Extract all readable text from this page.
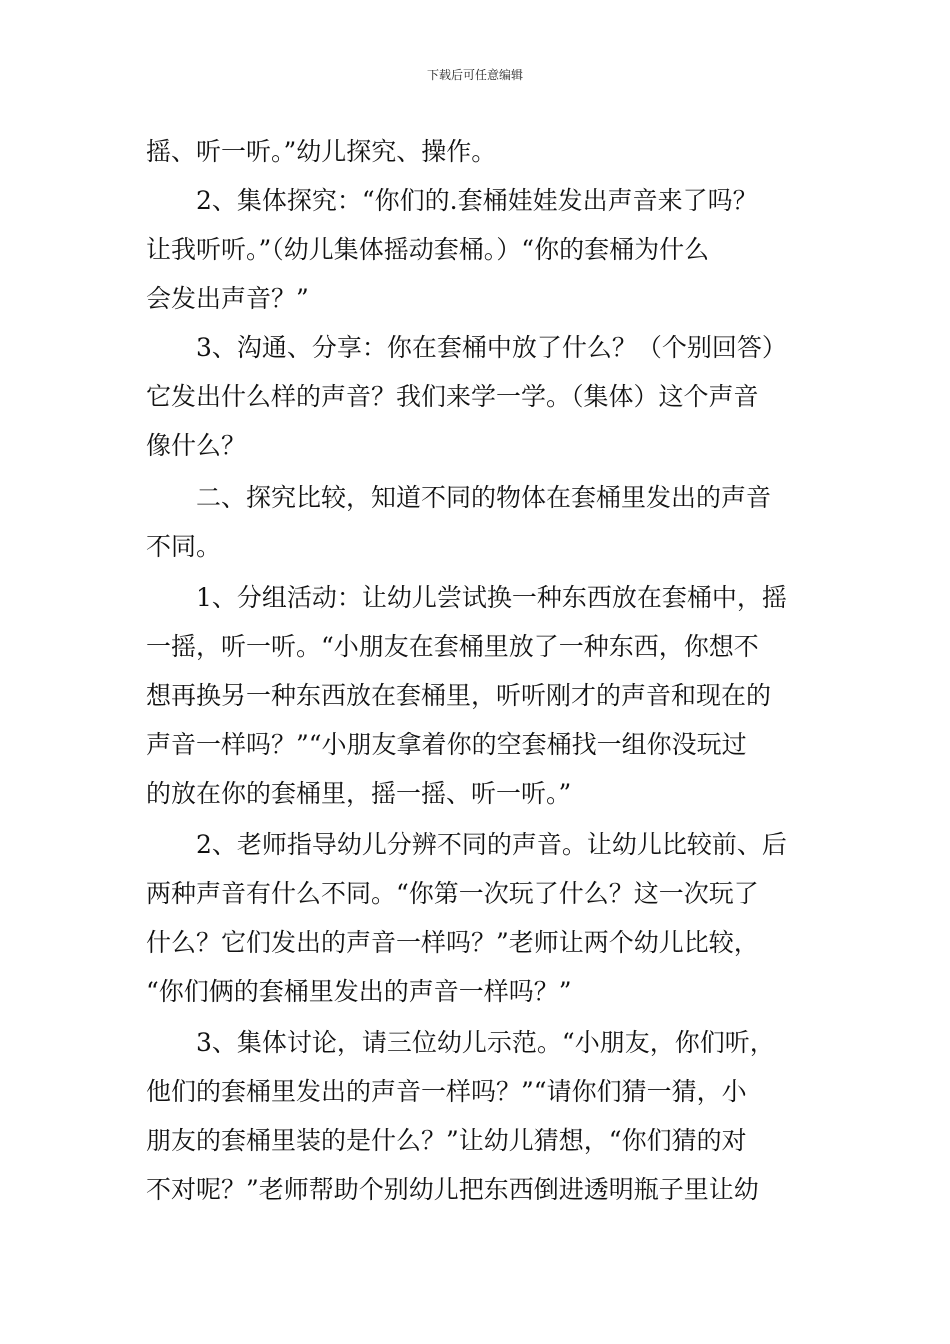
下载后可任意编辑
摇、听一听。”幼儿探究、操作。
2、集体探究：“你们的.套桶娃娃发出声音来了吗？
让我听听。”（幼儿集体摇动套桶。）“你的套桶为什么
会发出声音？”
3、沟通、分享：你在套桶中放了什么？（个别回答）
它发出什么样的声音？我们来学一学。（集体）这个声音
像什么？
二、探究比较，知道不同的物体在套桶里发出的声音
不同。
1、分组活动：让幼儿尝试换一种东西放在套桶中，摇
一摇，听一听。“小朋友在套桶里放了一种东西，你想不
想再换另一种东西放在套桶里，听听刚才的声音和现在的
声音一样吗？”“小朋友拿着你的空套桶找一组你没玩过
的放在你的套桶里，摇一摇、听一听。”
2、老师指导幼儿分辨不同的声音。让幼儿比较前、后
两种声音有什么不同。“你第一次玩了什么？这一次玩了
什么？它们发出的声音一样吗？”老师让两个幼儿比较，
“你们俩的套桶里发出的声音一样吗？”
3、集体讨论，请三位幼儿示范。“小朋友，你们听，
他们的套桶里发出的声音一样吗？”“请你们猜一猜，小
朋友的套桶里装的是什么？”让幼儿猜想，“你们猜的对
不对呢？”老师帮助个别幼儿把东西倒进透明瓶子里让幼
